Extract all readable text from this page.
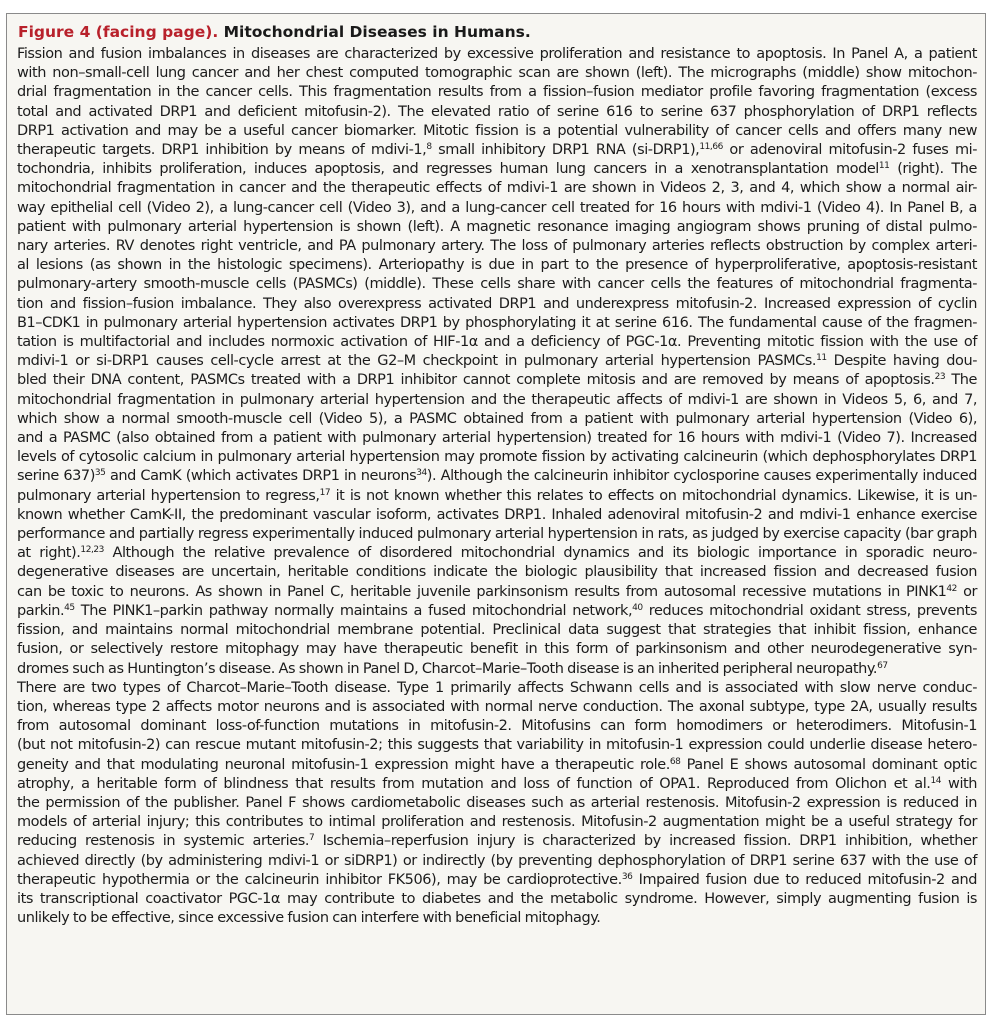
Figure 4 (facing page). Mitochondrial Diseases in Humans.
Fission and fusion imbalances in diseases are characterized by excessive proliferation and resistance to apoptosis. In Panel A, a patient
with non–small-cell lung cancer and her chest computed tomographic scan are shown (left). The micrographs (middle) show mitochon-
drial fragmentation in the cancer cells. This fragmentation results from a fission–fusion mediator profile favoring fragmentation (excess
total and activated DRP1 and deficient mitofusin-2). The elevated ratio of serine 616 to serine 637 phosphorylation of DRP1 reflects
DRP1 activation and may be a useful cancer biomarker. Mitotic fission is a potential vulnerability of cancer cells and offers many new
therapeutic targets. DRP1 inhibition by means of mdivi-1,$^8$ small inhibitory DRP1 RNA (si-DRP1),$^{11,66}$ or adenoviral mitofusin-2 fuses mi-
tochondria, inhibits proliferation, induces apoptosis, and regresses human lung cancers in a xenotransplantation model$^{11}$ (right). The
mitochondrial fragmentation in cancer and the therapeutic effects of mdivi-1 are shown in Videos 2, 3, and 4, which show a normal air-
way epithelial cell (Video 2), a lung-cancer cell (Video 3), and a lung-cancer cell treated for 16 hours with mdivi-1 (Video 4). In Panel B, a
patient with pulmonary arterial hypertension is shown (left). A magnetic resonance imaging angiogram shows pruning of distal pulmo-
nary arteries. RV denotes right ventricle, and PA pulmonary artery. The loss of pulmonary arteries reflects obstruction by complex arteri-
al lesions (as shown in the histologic specimens). Arteriopathy is due in part to the presence of hyperproliferative, apoptosis-resistant
pulmonary-artery smooth-muscle cells (PASMCs) (middle). These cells share with cancer cells the features of mitochondrial fragmenta-
tion and fission–fusion imbalance. They also overexpress activated DRP1 and underexpress mitofusin-2. Increased expression of cyclin
B1–CDK1 in pulmonary arterial hypertension activates DRP1 by phosphorylating it at serine 616. The fundamental cause of the fragmen-
tation is multifactorial and includes normoxic activation of HIF-1α and a deficiency of PGC-1α. Preventing mitotic fission with the use of
mdivi-1 or si-DRP1 causes cell-cycle arrest at the G2–M checkpoint in pulmonary arterial hypertension PASMCs.$^{11}$ Despite having dou-
bled their DNA content, PASMCs treated with a DRP1 inhibitor cannot complete mitosis and are removed by means of apoptosis.$^{23}$ The
mitochondrial fragmentation in pulmonary arterial hypertension and the therapeutic affects of mdivi-1 are shown in Videos 5, 6, and 7,
which show a normal smooth-muscle cell (Video 5), a PASMC obtained from a patient with pulmonary arterial hypertension (Video 6),
and a PASMC (also obtained from a patient with pulmonary arterial hypertension) treated for 16 hours with mdivi-1 (Video 7). Increased
levels of cytosolic calcium in pulmonary arterial hypertension may promote fission by activating calcineurin (which dephosphorylates DRP1
serine 637)$^{35}$ and CamK (which activates DRP1 in neurons$^{34}$). Although the calcineurin inhibitor cyclosporine causes experimentally induced
pulmonary arterial hypertension to regress,$^{17}$ it is not known whether this relates to effects on mitochondrial dynamics. Likewise, it is un-
known whether CamK-II, the predominant vascular isoform, activates DRP1. Inhaled adenoviral mitofusin-2 and mdivi-1 enhance exercise
performance and partially regress experimentally induced pulmonary arterial hypertension in rats, as judged by exercise capacity (bar graph
at right).$^{12,23}$ Although the relative prevalence of disordered mitochondrial dynamics and its biologic importance in sporadic neuro-
degenerative diseases are uncertain, heritable conditions indicate the biologic plausibility that increased fission and decreased fusion
can be toxic to neurons. As shown in Panel C, heritable juvenile parkinsonism results from autosomal recessive mutations in $PINK1^{42}$ or
parkin.$^{45}$ The PINK1–parkin pathway normally maintains a fused mitochondrial network,$^{40}$ reduces mitochondrial oxidant stress, prevents
fission, and maintains normal mitochondrial membrane potential. Preclinical data suggest that strategies that inhibit fission, enhance
fusion, or selectively restore mitophagy may have therapeutic benefit in this form of parkinsonism and other neurodegenerative syn-
dromes such as Huntington’s disease. As shown in Panel D, Charcot–Marie–Tooth disease is an inherited peripheral neuropathy.$^{67}$
There are two types of Charcot–Marie–Tooth disease. Type 1 primarily affects Schwann cells and is associated with slow nerve conduc-
tion, whereas type 2 affects motor neurons and is associated with normal nerve conduction. The axonal subtype, type 2A, usually results
from autosomal dominant loss-of-function mutations in mitofusin-2. Mitofusins can form homodimers or heterodimers. Mitofusin-1
(but not mitofusin-2) can rescue mutant mitofusin-2; this suggests that variability in mitofusin-1 expression could underlie disease hetero-
geneity and that modulating neuronal mitofusin-1 expression might have a therapeutic role.$^{68}$ Panel E shows autosomal dominant optic
atrophy, a heritable form of blindness that results from mutation and loss of function of OPA1. Reproduced from Olichon et al.$^{14}$ with
the permission of the publisher. Panel F shows cardiometabolic diseases such as arterial restenosis. Mitofusin-2 expression is reduced in
models of arterial injury; this contributes to intimal proliferation and restenosis. Mitofusin-2 augmentation might be a useful strategy for
reducing restenosis in systemic arteries.$^7$ Ischemia–reperfusion injury is characterized by increased fission. DRP1 inhibition, whether
achieved directly (by administering mdivi-1 or siDRP1) or indirectly (by preventing dephosphorylation of DRP1 serine 637 with the use of
therapeutic hypothermia or the calcineurin inhibitor FK506), may be cardioprotective.$^{36}$ Impaired fusion due to reduced mitofusin-2 and
its transcriptional coactivator PGC-1α may contribute to diabetes and the metabolic syndrome. However, simply augmenting fusion is
unlikely to be effective, since excessive fusion can interfere with beneficial mitophagy.
